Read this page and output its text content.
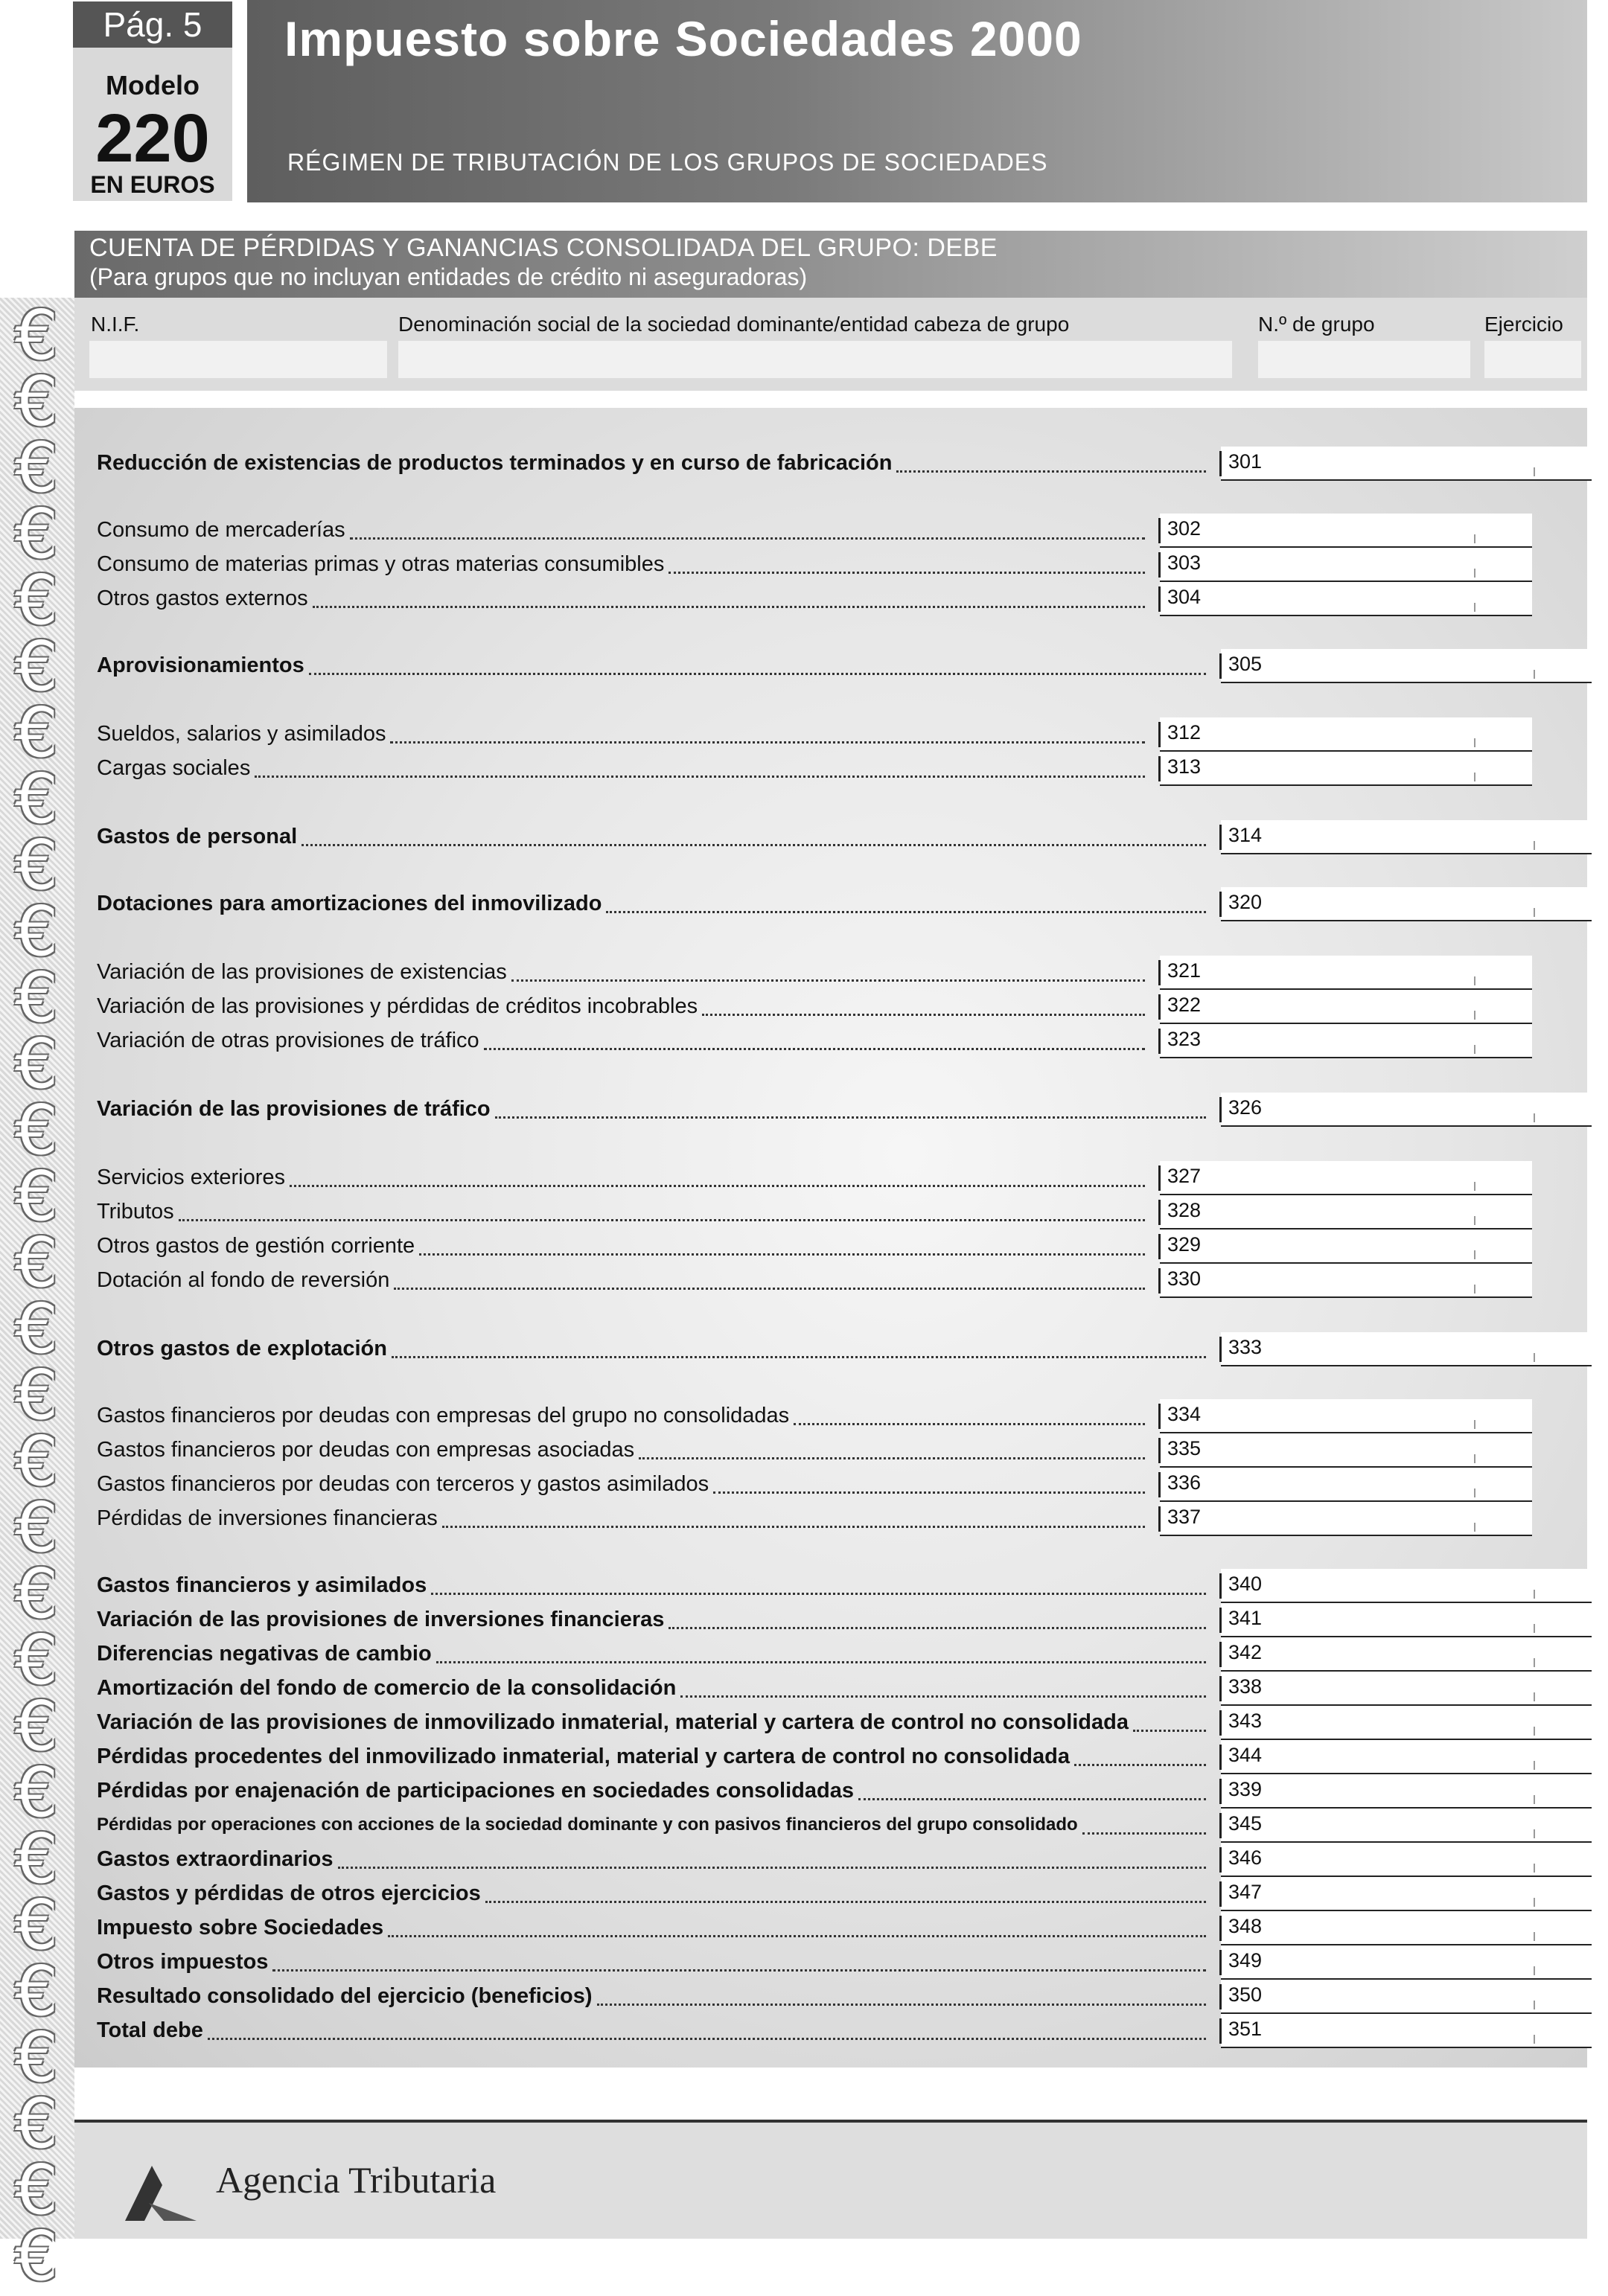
€
€
€
€
€
€
€
€
€
€
€
€
€
€
€
€
€
€
€
€
€
€
€
€
€
€
€
€
€
€
Pág. 5
Modelo
220
EN EUROS
Impuesto sobre Sociedades 2000
RÉGIMEN DE TRIBUTACIÓN DE LOS GRUPOS DE SOCIEDADES
CUENTA DE PÉRDIDAS Y GANANCIAS CONSOLIDADA DEL GRUPO: DEBE
(Para grupos que no incluyan entidades de crédito ni aseguradoras)
N.I.F.	Denominación social de la sociedad dominante/entidad cabeza de grupo	N.º de grupo	Ejercicio
Agencia Tributaria
Reducción de existencias de productos terminados y en curso de fabricación	301
Consumo de mercaderías	302
Consumo de materias primas y otras materias consumibles	303
Otros gastos externos	304
Aprovisionamientos	305
Sueldos, salarios y asimilados	312
Cargas sociales	313
Gastos de personal	314
Dotaciones para amortizaciones del inmovilizado	320
Variación de las provisiones de existencias	321
Variación de las provisiones y pérdidas de créditos incobrables	322
Variación de otras provisiones de tráfico	323
Variación de las provisiones de tráfico	326
Servicios exteriores	327
Tributos	328
Otros gastos de gestión corriente	329
Dotación al fondo de reversión	330
Otros gastos de explotación	333
Gastos financieros por deudas con empresas del grupo no consolidadas	334
Gastos financieros por deudas con empresas asociadas	335
Gastos financieros por deudas con terceros y gastos asimilados	336
Pérdidas de inversiones financieras	337
Gastos financieros y asimilados	340
Variación de las provisiones de inversiones financieras	341
Diferencias negativas de cambio	342
Amortización del fondo de comercio de la consolidación	338
Variación de las provisiones de inmovilizado inmaterial, material y cartera de control no consolidada	343
Pérdidas procedentes del inmovilizado inmaterial, material y cartera de control no consolidada	344
Pérdidas por enajenación de participaciones en sociedades consolidadas	339
Pérdidas por operaciones con acciones de la sociedad dominante y con pasivos financieros del grupo consolidado	345
Gastos extraordinarios	346
Gastos y pérdidas de otros ejercicios	347
Impuesto sobre Sociedades	348
Otros impuestos	349
Resultado consolidado del ejercicio (beneficios)	350
Total debe	351
